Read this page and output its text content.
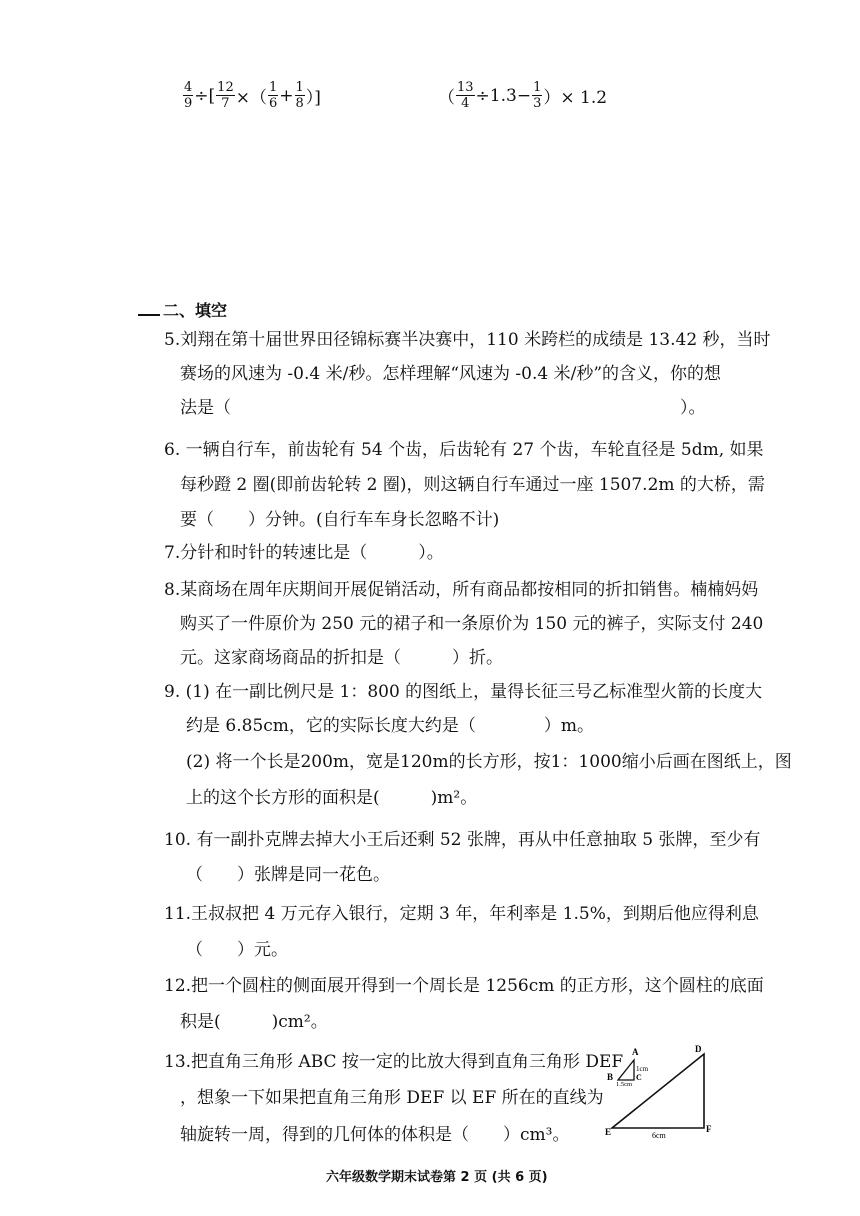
$\frac{4}{9}$ ÷[ $\frac{12}{7}$ ×（ $\frac{1}{6} + \frac{1}{8}$ ）]	（ $\frac{13}{4} \div 1.3- \frac{1}{3}$ ）× 1.2
二、填空
5.刘翔在第十届世界田径锦标赛半决赛中，110 米跨栏的成绩是 13.42 秒，当时
赛场的风速为 -0.4 米/秒。怎样理解“风速为 -0.4 米/秒”的含义，你的想
法是（	）。
6. 一辆自行车，前齿轮有 54 个齿，后齿轮有 27 个齿，车轮直径是 5dm, 如果
每秒蹬 2 圈(即前齿轮转 2 圈)，则这辆自行车通过一座 1507.2m 的大桥，需
要（　　）分钟。(自行车车身长忽略不计)
7.分针和时针的转速比是（　　　）。
8.某商场在周年庆期间开展促销活动，所有商品都按相同的折扣销售。楠楠妈妈
购买了一件原价为 250 元的裙子和一条原价为 150 元的裤子，实际支付 240
元。这家商场商品的折扣是（　　　）折。
9. (1) 在一副比例尺是 1：800 的图纸上，量得长征三号乙标准型火箭的长度大
约是 6.85cm，它的实际长度大约是（　　　　）m。
(2) 将一个长是200m，宽是120m的长方形，按1：1000缩小后画在图纸上，图
上的这个长方形的面积是(　　　)m²。
10. 有一副扑克牌去掉大小王后还剩 52 张牌，再从中任意抽取 5 张牌，至少有
（　　）张牌是同一花色。
11.王叔叔把 4 万元存入银行，定期 3 年，年利率是 1.5%，到期后他应得利息
（　　）元。
12.把一个圆柱的侧面展开得到一个周长是 1256cm 的正方形，这个圆柱的底面
积是(　　　)cm²。
13.把直角三角形 ABC 按一定的比放大得到直角三角形 DEF
，想象一下如果把直角三角形 DEF 以 EF 所在的直线为
轴旋转一周，得到的几何体的体积是（　　）cm³。
A
B	C
1cm
1.5cm
D
E	F
6cm
六年级数学期末试卷第 2 页 (共 6 页)
